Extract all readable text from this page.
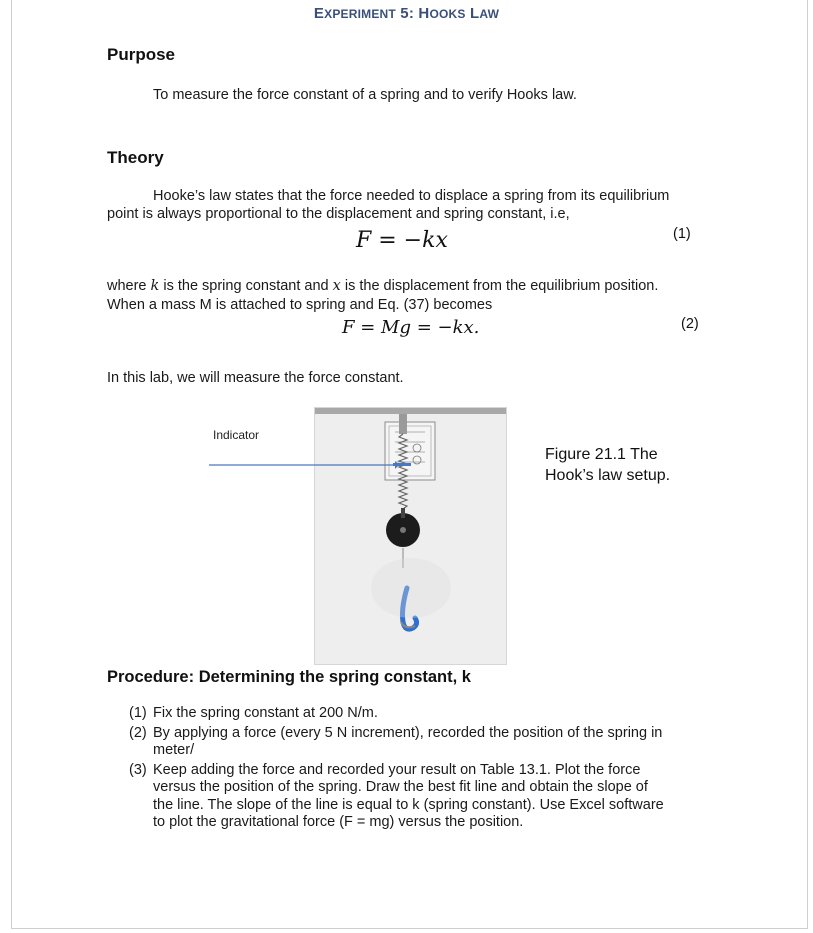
EXPERIMENT 5: HOOKS LAW
Purpose
To measure the force constant of a spring and to verify Hooks law.
Theory
Hooke’s law states that the force needed to displace a spring from its equilibrium
point is always proportional to the displacement and spring constant, i.e,
F = −kx	(1)
where k is the spring constant and x is the displacement from the equilibrium position.
When a mass M is attached to spring and Eq. (37) becomes
F = Mg = −kx.	(2)
In this lab, we will measure the force constant.
Indicator
Figure 21.1 The
Hook’s law setup.
Procedure: Determining the spring constant, k
(1) Fix the spring constant at 200 N/m.
(2) By applying a force (every 5 N increment), recorded the position of the spring in
meter/
(3) Keep adding the force and recorded your result on Table 13.1. Plot the force
versus the position of the spring. Draw the best fit line and obtain the slope of
the line. The slope of the line is equal to k (spring constant). Use Excel software
to plot the gravitational force (F = mg) versus the position.
